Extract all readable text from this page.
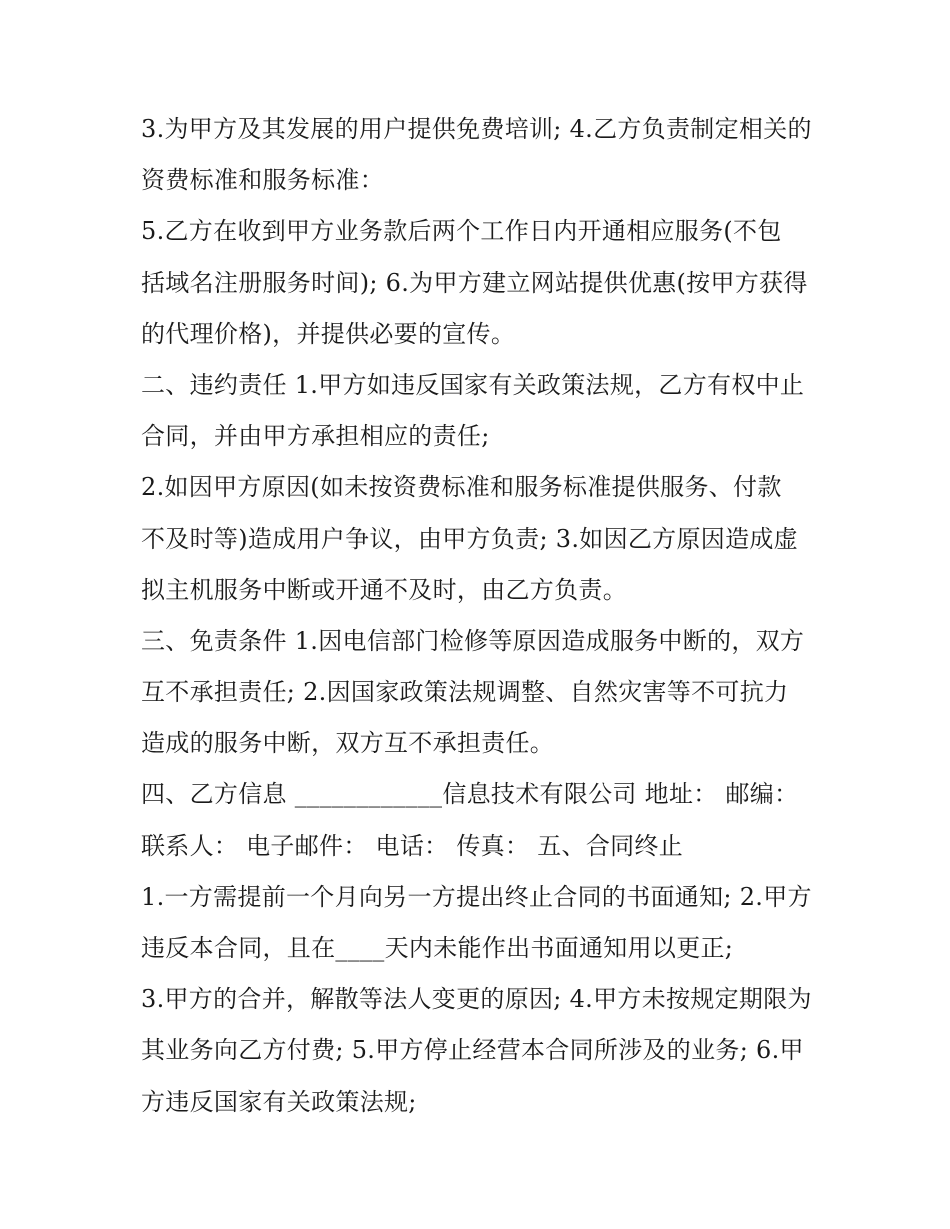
3.为甲方及其发展的用户提供免费培训; 4.乙方负责制定相关的
资费标准和服务标准：
5.乙方在收到甲方业务款后两个工作日内开通相应服务(不包
括域名注册服务时间); 6.为甲方建立网站提供优惠(按甲方获得
的代理价格)，并提供必要的宣传。
二、违约责任 1.甲方如违反国家有关政策法规，乙方有权中止
合同，并由甲方承担相应的责任;
2.如因甲方原因(如未按资费标准和服务标准提供服务、付款
不及时等)造成用户争议，由甲方负责; 3.如因乙方原因造成虚
拟主机服务中断或开通不及时，由乙方负责。
三、免责条件 1.因电信部门检修等原因造成服务中断的，双方
互不承担责任; 2.因国家政策法规调整、自然灾害等不可抗力
造成的服务中断，双方互不承担责任。
四、乙方信息 ____________信息技术有限公司 地址： 邮编：
联系人： 电子邮件： 电话： 传真： 五、合同终止
1.一方需提前一个月向另一方提出终止合同的书面通知; 2.甲方
违反本合同，且在____天内未能作出书面通知用以更正;
3.甲方的合并，解散等法人变更的原因; 4.甲方未按规定期限为
其业务向乙方付费; 5.甲方停止经营本合同所涉及的业务; 6.甲
方违反国家有关政策法规;
